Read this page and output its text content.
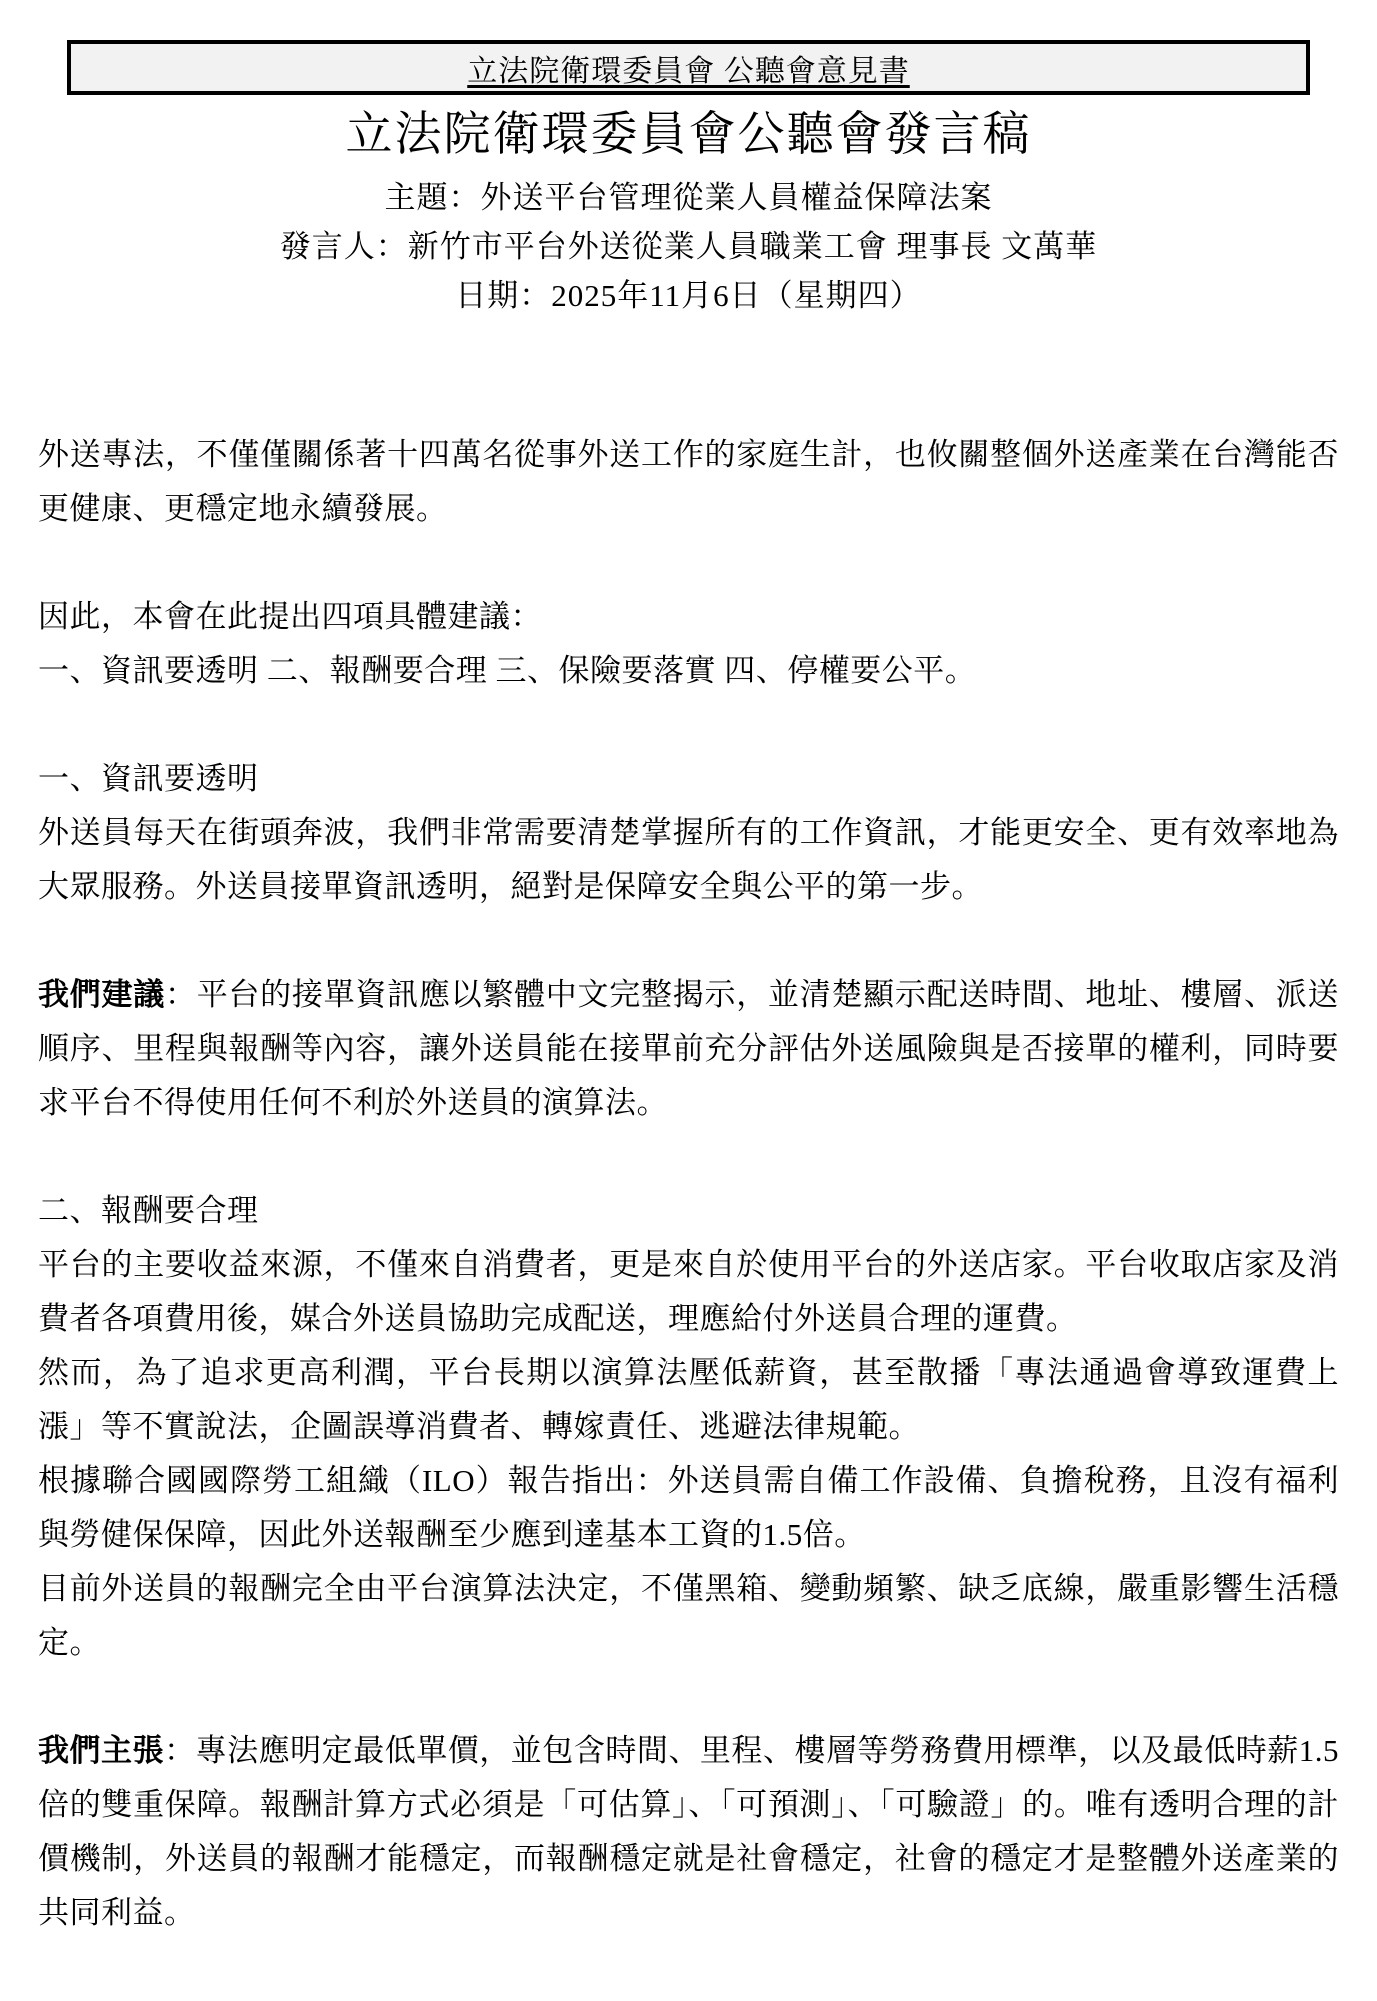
立法院衛環委員會 公聽會意見書
立法院衛環委員會公聽會發言稿
主題：外送平台管理從業人員權益保障法案
發言人：新竹市平台外送從業人員職業工會 理事長 文萬華
日期：2025年11月6日（星期四）

外送專法，不僅僅關係著十四萬名從事外送工作的家庭生計，也攸關整個外送產業在台灣能否更健康、更穩定地永續發展。

因此，本會在此提出四項具體建議：

一、資訊要透明 二、報酬要合理 三、保險要落實 四、停權要公平。

一、資訊要透明

外送員每天在街頭奔波，我們非常需要清楚掌握所有的工作資訊，才能更安全、更有效率地為大眾服務。外送員接單資訊透明，絕對是保障安全與公平的第一步。

我們建議：平台的接單資訊應以繁體中文完整揭示，並清楚顯示配送時間、地址、樓層、派送順序、里程與報酬等內容，讓外送員能在接單前充分評估外送風險與是否接單的權利，同時要求平台不得使用任何不利於外送員的演算法。

二、報酬要合理

平台的主要收益來源，不僅來自消費者，更是來自於使用平台的外送店家。平台收取店家及消費者各項費用後，媒合外送員協助完成配送，理應給付外送員合理的運費。

然而，為了追求更高利潤，平台長期以演算法壓低薪資，甚至散播「專法通過會導致運費上漲」等不實說法，企圖誤導消費者、轉嫁責任、逃避法律規範。

根據聯合國國際勞工組織（ILO）報告指出：外送員需自備工作設備、負擔稅務，且沒有福利與勞健保保障，因此外送報酬至少應到達基本工資的1.5倍。

目前外送員的報酬完全由平台演算法決定，不僅黑箱、變動頻繁、缺乏底線，嚴重影響生活穩定。

我們主張：專法應明定最低單價，並包含時間、里程、樓層等勞務費用標準，以及最低時薪1.5倍的雙重保障。報酬計算方式必須是「可估算」、「可預測」、「可驗證」的。唯有透明合理的計價機制，外送員的報酬才能穩定，而報酬穩定就是社會穩定，社會的穩定才是整體外送產業的共同利益。
